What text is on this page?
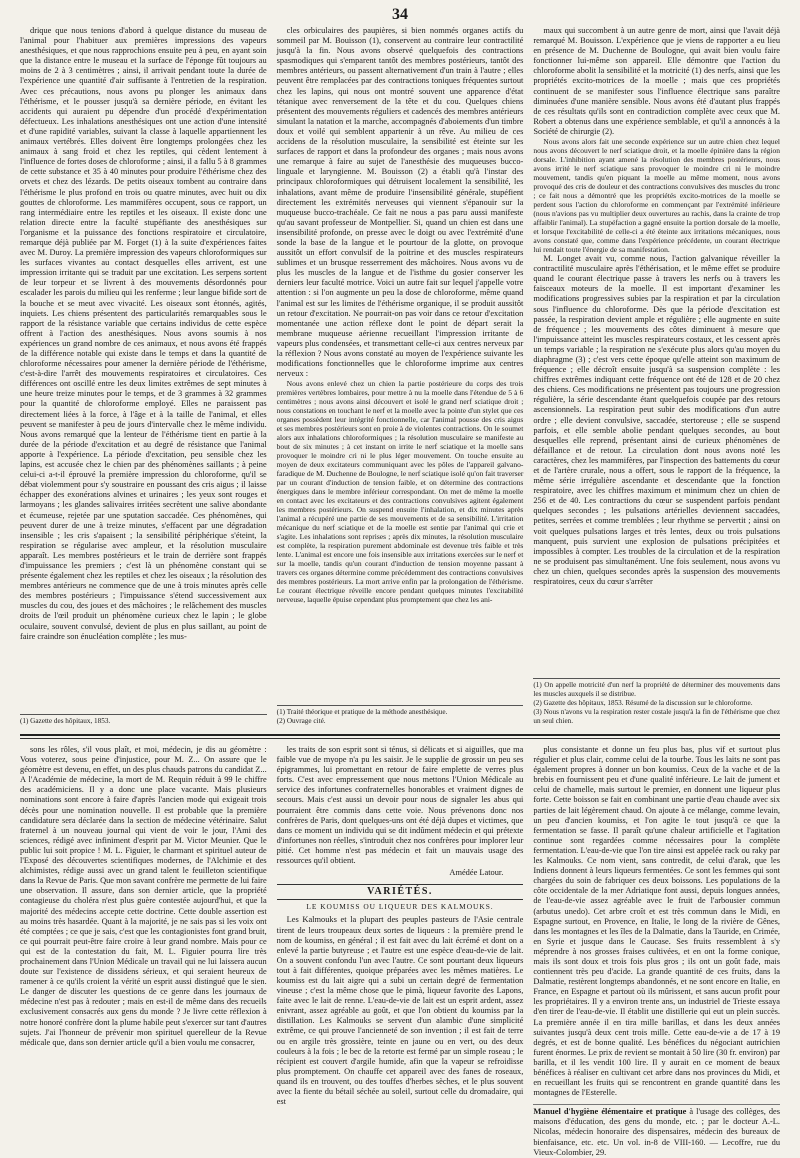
34

drique que nous tenions d'abord à quelque distance du museau de l'animal pour l'habituer aux premières impressions des vapeurs anesthésiques, et que nous rapprochions ensuite peu à peu, en ayant soin que la distance entre le museau et la surface de l'éponge fût toujours au moins de 2 à 3 centimètres ; ainsi, il arrivait pendant toute la durée de l'expérience une quantité d'air suffisante à l'entretien de la respiration. Avec ces précautions, nous avons pu plonger les animaux dans l'éthérisme, et le pousser jusqu'à sa dernière période, en évitant les accidents qui auraient pu dépendre d'un procédé d'expérimentation défectueux. Les inhalations anesthésiques ont une action d'une intensité et d'une rapidité variables, suivant la classe à laquelle appartiennent les animaux vertébrés. Elles doivent être longtemps prolongées chez les animaux à sang froid et chez les reptiles, qui cèdent lentement à l'influence de fortes doses de chloroforme ; ainsi, il a fallu 5 à 8 grammes de cette substance et 35 à 40 minutes pour produire l'éthérisme chez des orvets et chez des lézards. De petits oiseaux tombent au contraire dans l'éthérisme le plus profond en trois ou quatre minutes, avec huit ou dix gouttes de chloroforme. Les mammifères occupent, sous ce rapport, un rang intermédiaire entre les reptiles et les oiseaux. Il existe donc une relation directe entre la faculté stupéfiante des anesthésiques sur l'organisme et la puissance des fonctions respiratoire et circulatoire, remarque déjà publiée par M. Forget (1) à la suite d'expériences faites avec M. Duroy. La première impression des vapeurs chloroformiques sur les surfaces vivantes au contact desquelles elles arrivent, est une impression irritante qui se traduit par une excitation. Les serpens sortent de leur torpeur et se livrent à des mouvements désordonnés pour escalader les parois du milieu qui les renferme ; leur langue bifide sort de la bouche et se meut avec vivacité. Les oiseaux sont étonnés, agités, inquiets. Les chiens présentent des particularités remarquables sous le rapport de la résistance variable que certains individus de cette espèce offrent à l'action des anesthésiques. Nous avons soumis à nos expériences un grand nombre de ces animaux, et nous avons été frappés de la différence notable qui existe dans le temps et dans la quantité de chloroforme nécessaires pour amener la dernière période de l'éthérisme, c'est-à-dire l'arrêt des mouvements respiratoires et circulatoires. Ces différences ont oscillé entre les deux limites extrêmes de sept minutes à une heure treize minutes pour le temps, et de 3 grammes à 32 grammes pour la quantité de chloroforme employé. Elles ne paraissent pas directement liées à la force, à l'âge et à la taille de l'animal, et elles peuvent se manifester à peu de jours d'intervalle chez le même individu. Nous avons remarqué que la lenteur de l'éthérisme tient en partie à la durée de la période d'excitation et au degré de résistance que l'animal apporte à l'expérience. La période d'excitation, peu sensible chez les lapins, est accusée chez le chien par des phénomènes saillants ; à peine celui-ci a-t-il éprouvé la première impression du chloroforme, qu'il se débat violemment pour s'y soustraire en poussant des cris aigus ; il laisse échapper des exonérations alvines et urinaires ; les yeux sont rouges et larmoyans ; les glandes salivaires irritées secrètent une salive abondante et écumeuse, rejetée par une sputation saccadée. Ces phénomènes, qui peuvent durer de une à treize minutes, s'effacent par une dégradation insensible ; les cris s'apaisent ; la sensibilité périphérique s'éteint, la respiration se régularise avec ampleur, et la résolution musculaire apparaît. Les membres postérieurs et le train de derrière sont frappés d'impuissance les premiers ; c'est là un phénomène constant qui se présente également chez les reptiles et chez les oiseaux ; la résolution des membres antérieurs ne commence que de une à trois minutes après celle des membres postérieurs ; l'impuissance s'étend successivement aux muscles du cou, des joues et des mâchoires ; le relâchement des muscles droits de l'œil produit un phénomène curieux chez le lapin ; le globe oculaire, souvent convulsé, devient de plus en plus saillant, au point de faire craindre son énucléation complète ; les mus-

(1) Gazette des hôpitaux, 1853.

cles orbiculaires des paupières, si bien nommés organes actifs du sommeil par M. Bouisson (1), conservent au contraire leur contractilité jusqu'à la fin. Nous avons observé quelquefois des contractions spasmodiques qui s'emparent tantôt des membres postérieurs, tantôt des membres antérieurs, ou passent alternativement d'un train à l'autre ; elles peuvent être remplacées par des contractions toniques fréquentes surtout chez les lapins, qui nous ont montré souvent une apparence d'état tétanique avec renversement de la tête et du cou. Quelques chiens présentent des mouvements réguliers et cadencés des membres antérieurs simulant la natation et la marche, accompagnés d'aboiements d'un timbre doux et voilé qui semblent appartenir à un rêve. Au milieu de ces accidens de la résolution musculaire, la sensibilité est éteinte sur les surfaces de rapport et dans la profondeur des organes ; mais nous avons une remarque à faire au sujet de l'anesthésie des muqueuses bucco-linguale et laryngienne. M. Bouisson (2) a établi qu'à l'instar des principaux chloroformiques qui détruisent localement la sensibilité, les inhalations, avant même de produire l'insensibilité générale, stupéfient directement les extrémités nerveuses qui viennent s'épanouir sur la muqueuse bucco-trachéale. Ce fait ne nous a pas paru aussi manifeste qu'au savant professeur de Montpellier. Si, quand un chien est dans une insensibilité profonde, on presse avec le doigt ou avec l'extrémité d'une sonde la base de la langue et le pourtour de la glotte, on provoque aussitôt un effort convulsif de la poitrine et des muscles respirateurs sublimes et un brusque resserrement des mâchoires. Nous avons vu de plus les muscles de la langue et de l'isthme du gosier conserver les derniers leur faculté motrice. Voici un autre fait sur lequel j'appelle votre attention : si l'on augmente un peu la dose de chloroforme, même quand l'animal est sur les limites de l'éthérisme organique, il se produit aussitôt un retour d'excitation. Ne pourrait-on pas voir dans ce retour d'excitation momentanée une action réflexe dont le point de départ serait la membrane muqueuse aérienne recueillant l'impression irritante de vapeurs plus condensées, et transmettant celle-ci aux centres nerveux par la réflexion ? Nous avons constaté au moyen de l'expérience suivante les modifications fonctionnelles que le chloroforme imprime aux centres nerveux :

Nous avons enlevé chez un chien la partie postérieure du corps des trois premières vertèbres lombaires, pour mettre à nu la moelle dans l'étendue de 5 à 6 centimètres ; nous avons ainsi découvert et isolé le grand nerf sciatique droit ; nous constations en touchant le nerf et la moelle avec la pointe d'un stylet que ces organes possèdent leur intégrité fonctionnelle, car l'animal pousse des cris aigus et ses membres postérieurs sont en proie à de violentes contractions. On le soumet alors aux inhalations chloroformiques ; la résolution musculaire se manifeste au bout de six minutes ; à cet instant on irrite le nerf sciatique et la moelle sans provoquer le moindre cri ni le plus léger mouvement. On touche ensuite au moyen de deux excitateurs communiquant avec les pôles de l'appareil galvano-faradique de M. Duchenne de Boulogne, le nerf sciatique isolé qu'on fait traverser par un courant d'induction de tension faible, et on détermine des contractions énergiques dans le membre inférieur correspondant. On met de même la moelle en contact avec les excitateurs et des contractions convulsives agitent également les membres postérieurs. On suspend ensuite l'inhalation, et dix minutes après l'animal a récupéré une partie de ses mouvements et de sa sensibilité. L'irritation mécanique du nerf sciatique et de la moelle est sentie par l'animal qui crie et s'agite. Les inhalations sont reprises ; après dix minutes, la résolution musculaire est complète, la respiration purement abdominale est devenue très faible et très lente. L'animal est encore une fois insensible aux irritations exercées sur le nerf et sur la moelle, tandis qu'un courant d'induction de tension moyenne passant à travers ces organes détermine comme précédemment des contractions convulsives des membres postérieurs. La mort arrive enfin par la prolongation de l'éthérisme. Le courant électrique réveille encore pendant quelques minutes l'excitabilité nerveuse, laquelle épuise cependant plus promptement que chez les ani-

(1) Traité théorique et pratique de la méthode anesthésique.
(2) Ouvrage cité.

maux qui succombent à un autre genre de mort, ainsi que l'avait déjà remarqué M. Bouisson. L'expérience que je viens de rapporter a eu lieu en présence de M. Duchenne de Boulogne, qui avait bien voulu faire fonctionner lui-même son appareil. Elle démontre que l'action du chloroforme abolit la sensibilité et la motricité (1) des nerfs, ainsi que les propriétés excito-motrices de la moelle ; mais que ces propriétés continuent de se manifester sous l'influence électrique sans paraître diminuées d'une manière sensible. Nous avons été d'autant plus frappés de ces résultats qu'ils sont en contradiction complète avec ceux que M. Robert a obtenus dans une expérience semblable, et qu'il a annoncés à la Société de chirurgie (2).

Nous avons alors fait une seconde expérience sur un autre chien chez lequel nous avons découvert le nerf sciatique droit, et la moelle épinière dans la région dorsale. L'inhibition ayant amené la résolution des membres postérieurs, nous avons irrité le nerf sciatique sans provoquer le moindre cri ni le moindre mouvement, tandis qu'en piquant la moelle au même moment, nous avons provoqué des cris de douleur et des contractions convulsives des muscles du tronc ; ce fait nous a démontré que les propriétés excito-motrices de la moelle se perdent sous l'action du chloroforme en commençant par l'extrémité inférieure (nous n'avions pas vu multiplier deux ouvertures au rachis, dans la crainte de trop affaiblir l'animal). La stupéfaction a gagné ensuite la portion dorsale de la moelle, et lorsque l'excitabilité de celle-ci a été éteinte aux irritations mécaniques, nous avons constaté que, comme dans l'expérience précédente, un courant électrique lui rendait toute l'énergie de sa manifestation.

M. Longet avait vu, comme nous, l'action galvanique réveiller la contractilité musculaire après l'éthérisation, et le même effet se produire quand le courant électrique passe à travers les nerfs ou à travers les faisceaux moteurs de la moelle. Il est important d'examiner les modifications progressives subies par la respiration et par la circulation sous l'influence du chloroforme. Dès que la période d'excitation est passée, la respiration devient ample et régulière ; elle augmente en suite de fréquence ; les mouvements des côtes diminuent à mesure que l'impuissance atteint les muscles respirateurs costaux, et les cessent après un temps variable ; la respiration ne s'exécute plus alors qu'au moyen du diaphragme (3) ; c'est vers cette époque qu'elle atteint son maximum de fréquence ; elle décroît ensuite jusqu'à sa suspension complète : les chiffres extrêmes indiquant cette fréquence ont été de 128 et de 20 chez des chiens. Ces modifications ne présentent pas toujours une progression régulière, la série descendante étant quelquefois coupée par des retours ascensionnels. La respiration peut subir des modifications d'un autre ordre ; elle devient convulsive, saccadée, stertoreuse ; elle se suspend parfois, et elle semble abolie pendant quelques secondes, au bout desquelles elle reprend, présentant ainsi de curieux phénomènes de défaillance et de retour. La circulation dont nous avons noté les caractères, chez les mammifères, par l'inspection des battements du cœur et de l'artère crurale, nous a offert, sous le rapport de la fréquence, la même série irrégulière ascendante et descendante que la fonction respiratoire, avec les chiffres maximum et minimum chez un chien de 256 et de 40. Les contractions du cœur se suspendent parfois pendant quelques secondes ; les pulsations artérielles deviennent saccadées, petites, serrées et comme tremblées ; leur rhythme se pervertit ; ainsi on voit quelques pulsations larges et très lentes, deux ou trois pulsations manquent, puis survient une explosion de pulsations précipitées et impossibles à compter. Les troubles de la circulation et de la respiration ne se produisent pas simultanément. Une fois seulement, nous avons vu chez un chien, quelques secondes après la suspension des mouvements respiratoires, ceux du cœur s'arrêter

(1) On appelle motricité d'un nerf la propriété de déterminer des mouvements dans les muscles auxquels il se distribue.
(2) Gazette des hôpitaux, 1853. Résumé de la discussion sur le chloroforme.
(3) Nous n'avons vu la respiration rester costale jusqu'à la fin de l'éthérisme que chez un seul chien.

sons les rôles, s'il vous plaît, et moi, médecin, je dis au géomètre : Vous voterez, sous peine d'injustice, pour M. Z... On assure que le géomètre est devenu, en effet, un des plus chauds patrons du candidat Z... A l'Académie de médecine, la mort de M. Requin réduit à 99 le chiffre des académiciens. Il y a donc une place vacante. Mais plusieurs nominations sont encore à faire d'après l'ancien mode qui exigeait trois décès pour une nomination nouvelle. Il est probable que la première candidature sera déclarée dans la section de médecine vétérinaire. Salut fraternel à un nouveau journal qui vient de voir le jour, l'Ami des sciences, rédigé avec infiniment d'esprit par M. Victor Meunier. Que le public lui soit propice ! M. L. Figuier, le charmant et spirituel auteur de l'Exposé des découvertes scientifiques modernes, de l'Alchimie et des alchimistes, rédige aussi avec un grand talent le feuilleton scientifique dans la Revue de Paris. Que mon savant confrère me permette de lui faire une observation. Il assure, dans son dernier article, que la propriété contagieuse du choléra n'est plus guère contestée aujourd'hui, et que la majorité des médecins accepte cette doctrine. Cette double assertion est au moins très hasardée. Quant à la majorité, je ne sais pas si les voix ont été comptées ; ce que je sais, c'est que les contagionistes font grand bruit, ce qui pourrait peut-être faire croire à leur grand nombre. Mais pour ce qui est de la contestation du fait, M. L. Figuier pourra lire très prochainement dans l'Union Médicale un travail qui ne lui laissera aucun doute sur l'existence de dissidens sérieux, et qui seraient heureux de ramener à ce qu'ils croient la vérité un esprit aussi distingué que le sien. Le danger de discuter les questions de ce genre dans les journaux de médecine n'est pas à redouter ; mais en est-il de même dans des recueils exclusivement consacrés aux gens du monde ? Je livre cette réflexion à notre honoré confrère dont la plume habile peut s'exercer sur tant d'autres sujets. J'ai l'honneur de prévenir mon spirituel querelleur de la Revue médicale que, dans son dernier article qu'il a bien voulu me consacrer,

les traits de son esprit sont si ténus, si délicats et si aiguilles, que ma faible vue de myope n'a pu les saisir. Je le supplie de grossir un peu ses épigrammes, lui promettant en retour de faire emplette de verres plus forts. C'est avec empressement que nous mettons l'Union Médicale au service des infortunes confraternelles honorables et vraiment dignes de secours. Mais c'est aussi un devoir pour nous de signaler les abus qui pourraient être commis dans cette voie. Nous prévenons donc nos confrères de Paris, dont quelques-uns ont été déjà dupes et victimes, que dans ce moment un individu qui se dit indûment médecin et qui prétexte d'infortunes non réelles, s'introduit chez nos confrères pour implorer leur pitié. Cet homme n'est pas médecin et fait un mauvais usage des ressources qu'il obtient.

Amédée Latour.
VARIÉTÉS.
LE KOUMISS OU LIQUEUR DES KALMOUKS.

Les Kalmouks et la plupart des peuples pasteurs de l'Asie centrale tirent de leurs troupeaux deux sortes de liqueurs : la première prend le nom de koumiss, en général ; il est fait avec du lait écrémé et dont on a enlevé la partie butyreuse ; et l'autre est une espèce d'eau-de-vie de lait. On a souvent confondu l'un avec l'autre. Ce sont pourtant deux liqueurs tout à fait différentes, quoique préparées avec les mêmes matières. Le koumiss est du lait aigre qui a subi un certain degré de fermentation vineuse ; c'est la même chose que le pimà, liqueur favorite des Lapons, faite avec le lait de renne. L'eau-de-vie de lait est un esprit ardent, assez enivrant, assez agréable au goût, et que l'on obtient du koumiss par la distillation. Les Kalmouks se servent d'un alambic d'une simplicité extrême, ce qui prouve l'ancienneté de son invention ; il est fait de terre ou en argile très grossière, teinte en jaune ou en vert, ou des deux couleurs à la fois ; le bec de la retorte est fermé par un simple roseau ; le récipient est couvert d'argile humide, afin que la vapeur se refroidisse plus promptement. On chauffe cet appareil avec des fanes de roseaux, quand ils en trouvent, ou des touffes d'herbes sèches, et le plus souvent avec la fiente du bétail séchée au soleil, surtout celle du dromadaire, qui est

plus consistante et donne un feu plus bas, plus vif et surtout plus régulier et plus clair, comme celui de la tourbe. Tous les laits ne sont pas également propres à donner un bon koumiss. Ceux de la vache et de la brebis en fournissent peu et d'une qualité inférieure. Le lait de jument et celui de chamelle, mais surtout le premier, en donnent une liqueur plus forte. Cette boisson se fait en combinant une partie d'eau chaude avec six parties de lait légèrement chaud. On ajoute à ce mélange, comme levain, un peu d'ancien koumiss, et l'on agite le tout jusqu'à ce que la fermentation se fasse. Il paraît qu'une chaleur artificielle et l'agitation continue sont regardées comme nécessaires pour la complète fermentation. L'eau-de-vie que l'on tire ainsi est appelée rack ou raky par les Kalmouks. Ce nom vient, sans contredit, de celui d'arak, que les Indiens donnent à leurs liqueurs fermentées. Ce sont les femmes qui sont chargées du soin de fabriquer ces deux boissons. Les populations de la côte occidentale de la mer Adriatique font aussi, depuis longues années, de l'eau-de-vie assez agréable avec le fruit de l'arbousier commun (arbutus unedo). Cet arbre croît et est très commun dans le Midi, en Espagne surtout, en Provence, en Italie, le long de la rivière de Gênes, dans les montagnes et les îles de la Dalmatie, dans la Tauride, en Crimée, en Syrie et jusque dans le Caucase. Ses fruits ressemblent à s'y méprendre à nos grosses fraises cultivées, et en ont la forme conique, mais ils sont doux et trois fois plus gros ; ils ont un goût fade, mais contiennent très peu d'acide. La grande quantité de ces fruits, dans la Dalmatie, restèrent longtemps abandonnés, et ne sont encore en Italie, en France, en Espagne et partout où ils mûrissent, et sans aucun profit pour les propriétaires. Il y a environ trente ans, un industriel de Trieste essaya d'en tirer de l'eau-de-vie. Il établit une distillerie qui eut un plein succès. La première année il en tira mille barillas, et dans les deux années suivantes jusqu'à deux cent trois mille. Cette eau-de-vie a de 17 à 19 degrés, et est de bonne qualité. Les bénéfices du négociant autrichien furent énormes. Le prix de revient se montait à 50 lire (30 fr. environ) par barilla, et il les vendit 100 lire. Il y aurait en ce moment de beaux bénéfices à réaliser en cultivant cet arbre dans nos provinces du Midi, et en recueillant les fruits qui se rencontrent en grande quantité dans les montagnes de l'Esterelle.

Manuel d'hygiène élémentaire et pratique à l'usage des collèges, des maisons d'éducation, des gens du monde, etc. ; par le docteur A.-L. Nicolas, médecin honoraire des dispensaires, médecin des bureaux de bienfaisance, etc. etc. Un vol. in-8 de VIII-160. — Lecoffre, rue du Vieux-Colombier, 29.
